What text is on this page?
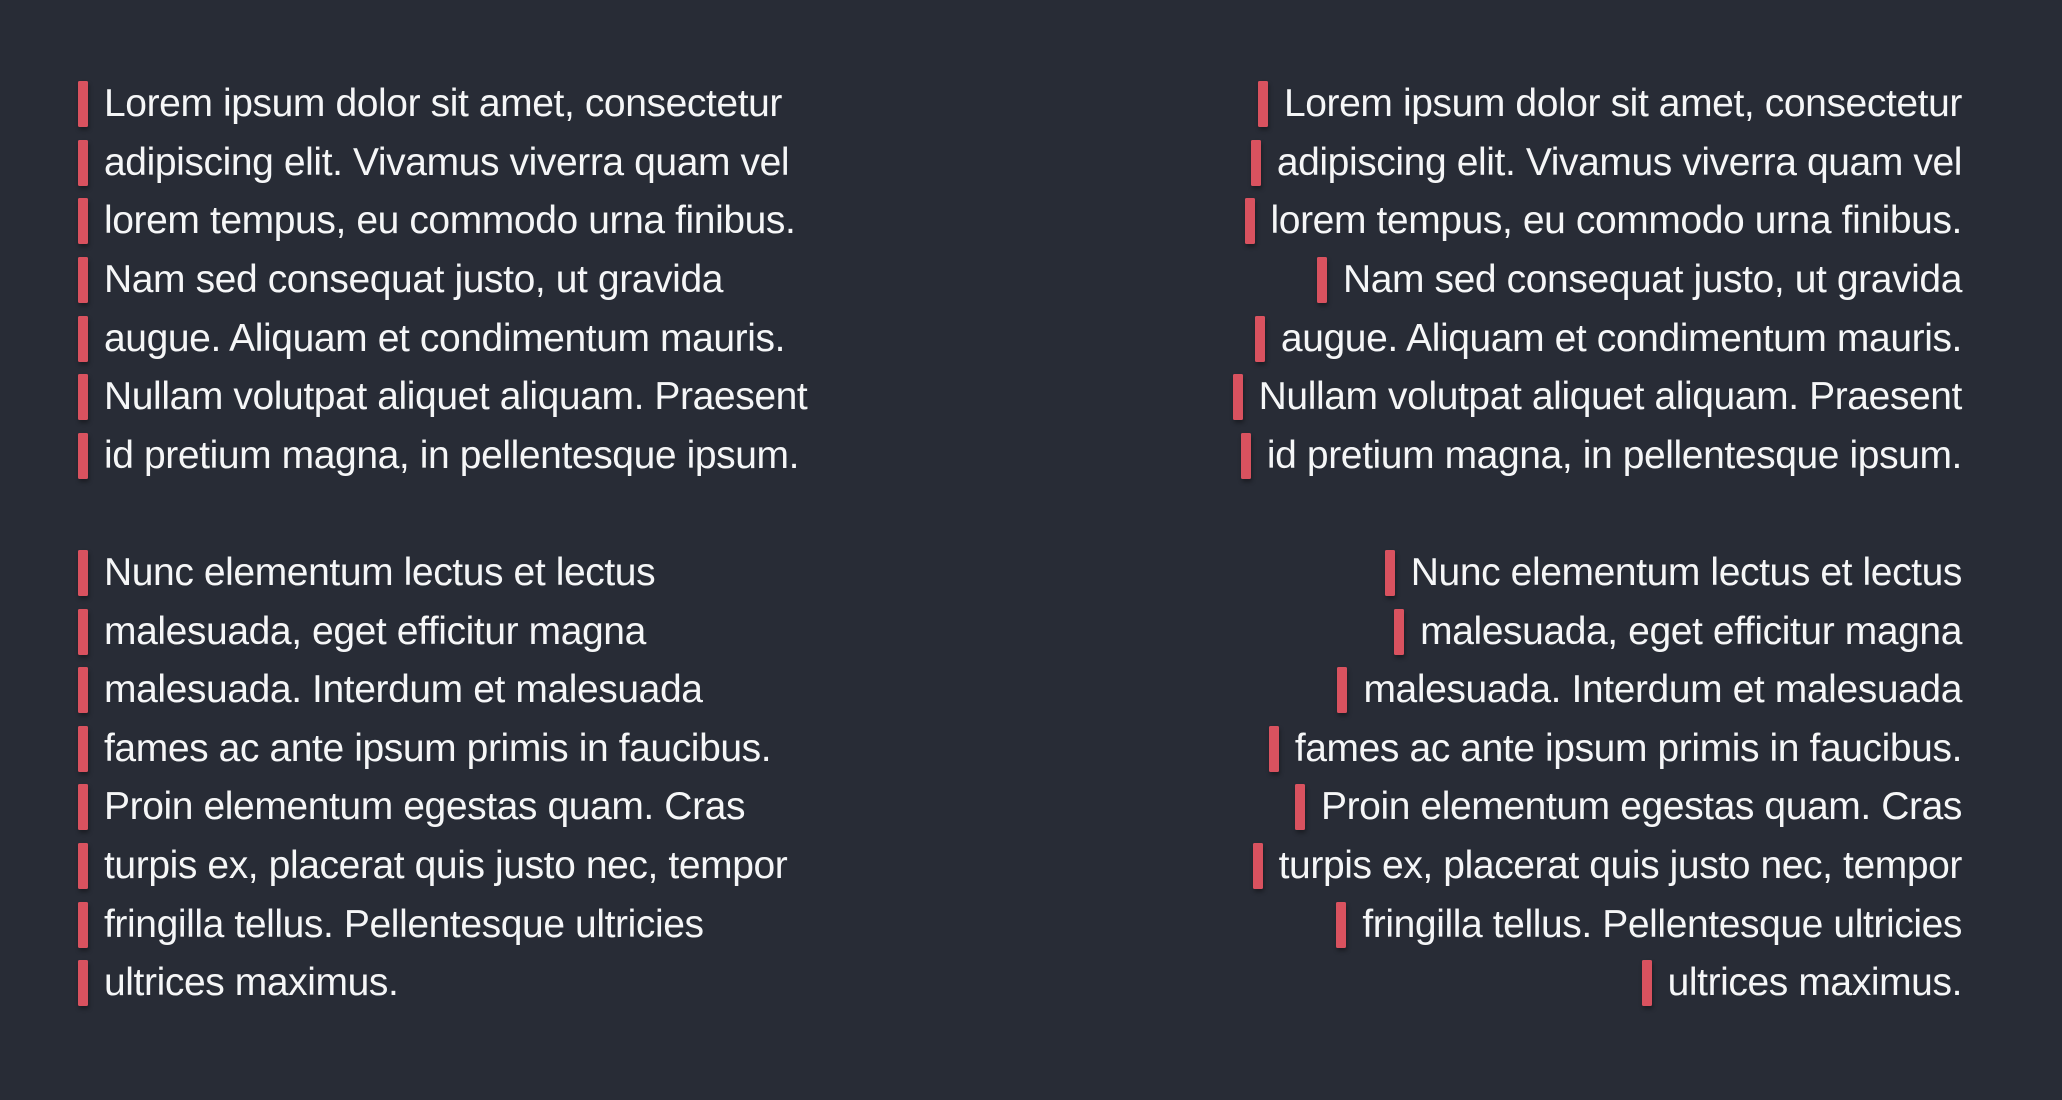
Lorem ipsum dolor sit amet, consectetur
adipiscing elit. Vivamus viverra quam vel
lorem tempus, eu commodo urna finibus.
Nam sed consequat justo, ut gravida
augue. Aliquam et condimentum mauris.
Nullam volutpat aliquet aliquam. Praesent
id pretium magna, in pellentesque ipsum.
Nunc elementum lectus et lectus
malesuada, eget efficitur magna
malesuada. Interdum et malesuada
fames ac ante ipsum primis in faucibus.
Proin elementum egestas quam. Cras
turpis ex, placerat quis justo nec, tempor
fringilla tellus. Pellentesque ultricies
ultrices maximus.
Lorem ipsum dolor sit amet, consectetur
adipiscing elit. Vivamus viverra quam vel
lorem tempus, eu commodo urna finibus.
Nam sed consequat justo, ut gravida
augue. Aliquam et condimentum mauris.
Nullam volutpat aliquet aliquam. Praesent
id pretium magna, in pellentesque ipsum.
Nunc elementum lectus et lectus
malesuada, eget efficitur magna
malesuada. Interdum et malesuada
fames ac ante ipsum primis in faucibus.
Proin elementum egestas quam. Cras
turpis ex, placerat quis justo nec, tempor
fringilla tellus. Pellentesque ultricies
ultrices maximus.
